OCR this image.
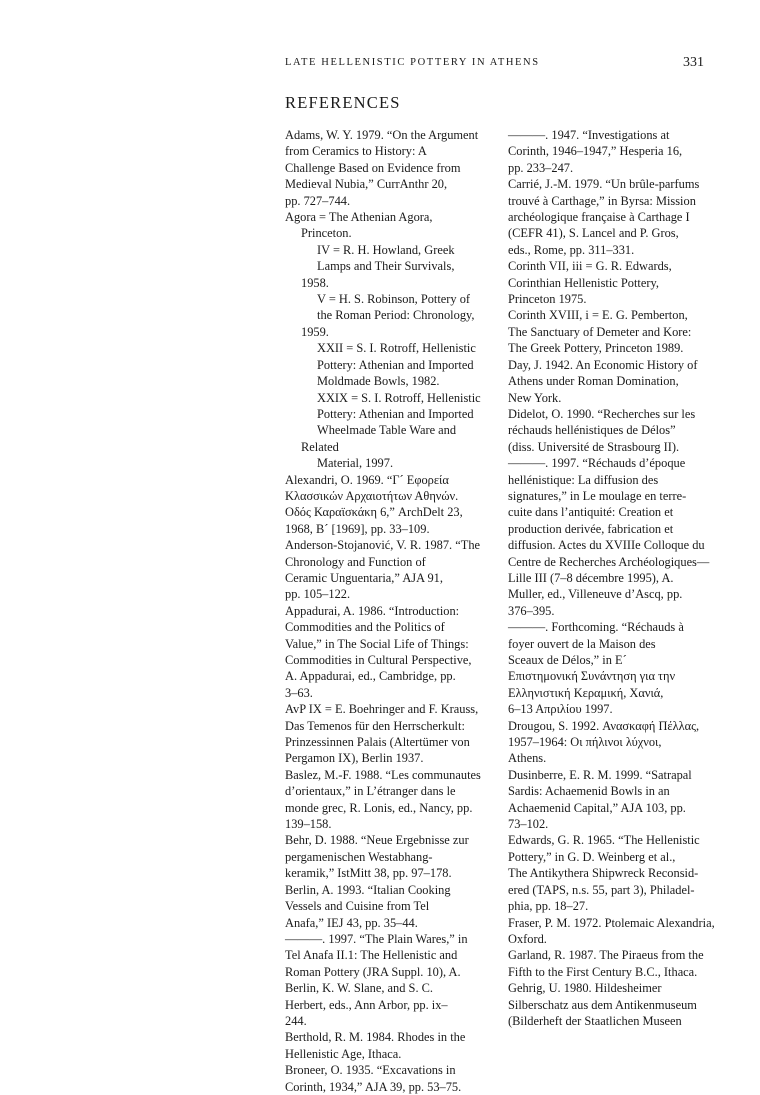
LATE HELLENISTIC POTTERY IN ATHENS	331
REFERENCES

Adams, W. Y. 1979. “On the Argument
from Ceramics to History: A
Challenge Based on Evidence from
Medieval Nubia,” CurrAnthr 20,
pp. 727–744.

Agora = The Athenian Agora, Princeton.

IV = R. H. Howland, Greek
Lamps and Their Survivals, 1958.

V = H. S. Robinson, Pottery of
the Roman Period: Chronology, 1959.

XXII = S. I. Rotroff, Hellenistic
Pottery: Athenian and Imported
Moldmade Bowls, 1982.

XXIX = S. I. Rotroff, Hellenistic
Pottery: Athenian and Imported
Wheelmade Table Ware and Related
Material, 1997.

Alexandri, O. 1969. “Γ´ Εφορεία
Κλασσικών Αρχαιοτήτων Αθηνών.
Οδός Καραϊσκάκη 6,” ArchDelt 23,
1968, Β´ [1969], pp. 33–109.

Anderson-Stojanović, V. R. 1987. “The
Chronology and Function of
Ceramic Unguentaria,” AJA 91,
pp. 105–122.

Appadurai, A. 1986. “Introduction:
Commodities and the Politics of
Value,” in The Social Life of Things:
Commodities in Cultural Perspective,
A. Appadurai, ed., Cambridge, pp.
3–63.

AvP IX = E. Boehringer and F. Krauss,
Das Temenos für den Herrscherkult:
Prinzessinnen Palais (Altertümer von
Pergamon IX), Berlin 1937.

Baslez, M.-F. 1988. “Les communautes
d’orientaux,” in L’étranger dans le
monde grec, R. Lonis, ed., Nancy, pp.
139–158.

Behr, D. 1988. “Neue Ergebnisse zur
pergamenischen Westabhang-
keramik,” IstMitt 38, pp. 97–178.

Berlin, A. 1993. “Italian Cooking
Vessels and Cuisine from Tel
Anafa,” IEJ 43, pp. 35–44.

———. 1997. “The Plain Wares,” in
Tel Anafa II.1: The Hellenistic and
Roman Pottery (JRA Suppl. 10), A.
Berlin, K. W. Slane, and S. C.
Herbert, eds., Ann Arbor, pp. ix–
244.

Berthold, R. M. 1984. Rhodes in the
Hellenistic Age, Ithaca.

Broneer, O. 1935. “Excavations in
Corinth, 1934,” AJA 39, pp. 53–75.

———. 1947. “Investigations at
Corinth, 1946–1947,” Hesperia 16,
pp. 233–247.

Carrié, J.-M. 1979. “Un brûle-parfums
trouvé à Carthage,” in Byrsa: Mission
archéologique française à Carthage I
(CEFR 41), S. Lancel and P. Gros,
eds., Rome, pp. 311–331.

Corinth VII, iii = G. R. Edwards,
Corinthian Hellenistic Pottery,
Princeton 1975.

Corinth XVIII, i = E. G. Pemberton,
The Sanctuary of Demeter and Kore:
The Greek Pottery, Princeton 1989.

Day, J. 1942. An Economic History of
Athens under Roman Domination,
New York.

Didelot, O. 1990. “Recherches sur les
réchauds hellénistiques de Délos”
(diss. Université de Strasbourg II).

———. 1997. “Réchauds d’époque
hellénistique: La diffusion des
signatures,” in Le moulage en terre-
cuite dans l’antiquité: Creation et
production derivée, fabrication et
diffusion. Actes du XVIIIe Colloque du
Centre de Recherches Archéologiques—
Lille III (7–8 décembre 1995), A.
Muller, ed., Villeneuve d’Ascq, pp.
376–395.

———. Forthcoming. “Réchauds à
foyer ouvert de la Maison des
Sceaux de Délos,” in Ε´
Επιστημονική Συνάντηση για την
Ελληνιστική Κεραμική, Χανιά,
6–13 Απριλίου 1997.

Drougou, S. 1992. Ανασκαφή Πέλλας,
1957–1964: Οι πήλινοι λύχνοι,
Athens.

Dusinberre, E. R. M. 1999. “Satrapal
Sardis: Achaemenid Bowls in an
Achaemenid Capital,” AJA 103, pp.
73–102.

Edwards, G. R. 1965. “The Hellenistic
Pottery,” in G. D. Weinberg et al.,
The Antikythera Shipwreck Reconsid-
ered (TAPS, n.s. 55, part 3), Philadel-
phia, pp. 18–27.

Fraser, P. M. 1972. Ptolemaic Alexandria,
Oxford.

Garland, R. 1987. The Piraeus from the
Fifth to the First Century B.C., Ithaca.

Gehrig, U. 1980. Hildesheimer
Silberschatz aus dem Antikenmuseum
(Bilderheft der Staatlichen Museen
